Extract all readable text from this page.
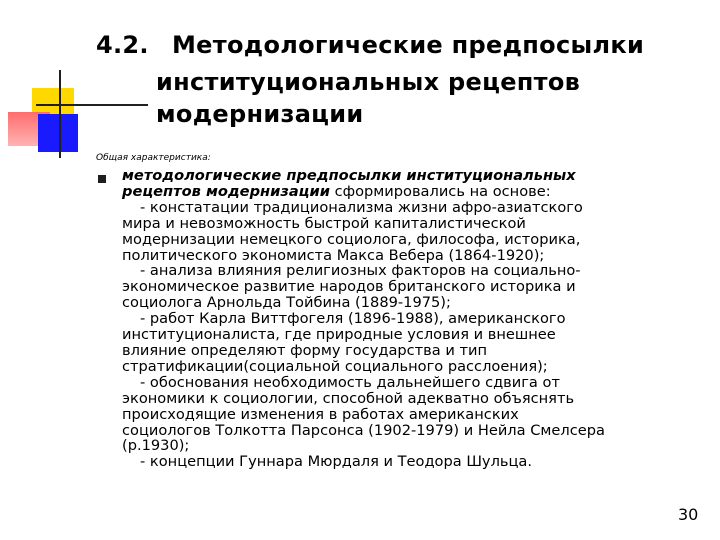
4.2. Методологические предпосылки
институциональных рецептов
модернизации
Общая характеристика:
методологические предпосылки институциональных
рецептов модернизации сформировались на основе:
- констатации традиционализма жизни афро-азиатского
мира и невозможность быстрой капиталистической
модернизации немецкого социолога, философа, историка,
политического экономиста Макса Вебера (1864-1920);
- анализа влияния религиозных факторов на социально-
экономическое развитие народов британского историка и
социолога Арнольда Тойбина (1889-1975);
- работ Карла Виттфогеля (1896-1988), американского
институционалиста, где природные условия и внешнее
влияние определяют форму государства и тип
стратификации(социальной социального расслоения);
- обоснования необходимость дальнейшего сдвига от
экономики к социологии, способной адекватно объяснять
происходящие изменения в работах американских
социологов Толкотта Парсонса (1902-1979) и Нейла Смелсера
(р.1930);
- концепции Гуннара Мюрдаля и Теодора Шульца.
30
